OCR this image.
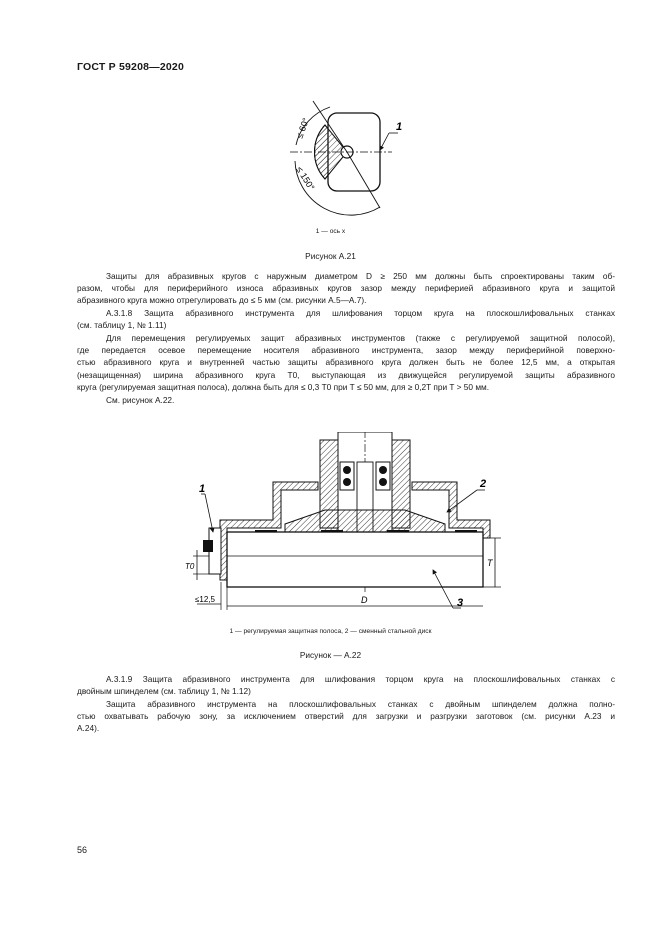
ГОСТ Р 59208—2020
≤ 60°
≤ 150°
1
1 — ось x
Рисунок А.21
Защиты для абразивных кругов с наружным диаметром D ≥ 250 мм должны быть спроектированы таким об-
разом, чтобы для периферийного износа абразивных кругов зазор между периферией абразивного круга и защитой
абразивного круга можно отрегулировать до ≤ 5 мм (см. рисунки А.5—А.7).
А.3.1.8 Защита абразивного инструмента для шлифования торцом круга на плоскошлифовальных станках
(см. таблицу 1, № 1.11)
Для перемещения регулируемых защит абразивных инструментов (также с регулируемой защитной полосой),
где передается осевое перемещение носителя абразивного инструмента, зазор между периферийной поверхно-
стью абразивного круга и внутренней частью защиты абразивного круга должен быть не более 12,5 мм, а открытая
(незащищенная) ширина абразивного круга T0, выступающая из движущейся регулируемой защиты абразивного
круга (регулируемая защитная полоса), должна быть для ≤ 0,3 T0 при T ≤ 50 мм, для ≥ 0,2T при T > 50 мм.
См. рисунок А.22.
T
T0
≤12,5	D
1	2
3
1 — регулируемая защитная полоса, 2 — сменный стальной диск
Рисунок — А.22
А.3.1.9 Защита абразивного инструмента для шлифования торцом круга на плоскошлифовальных станках с
двойным шпинделем (см. таблицу 1, № 1.12)
Защита абразивного инструмента на плоскошлифовальных станках с двойным шпинделем должна полно-
стью охватывать рабочую зону, за исключением отверстий для загрузки и разгрузки заготовок (см. рисунки А.23 и
А.24).
56
